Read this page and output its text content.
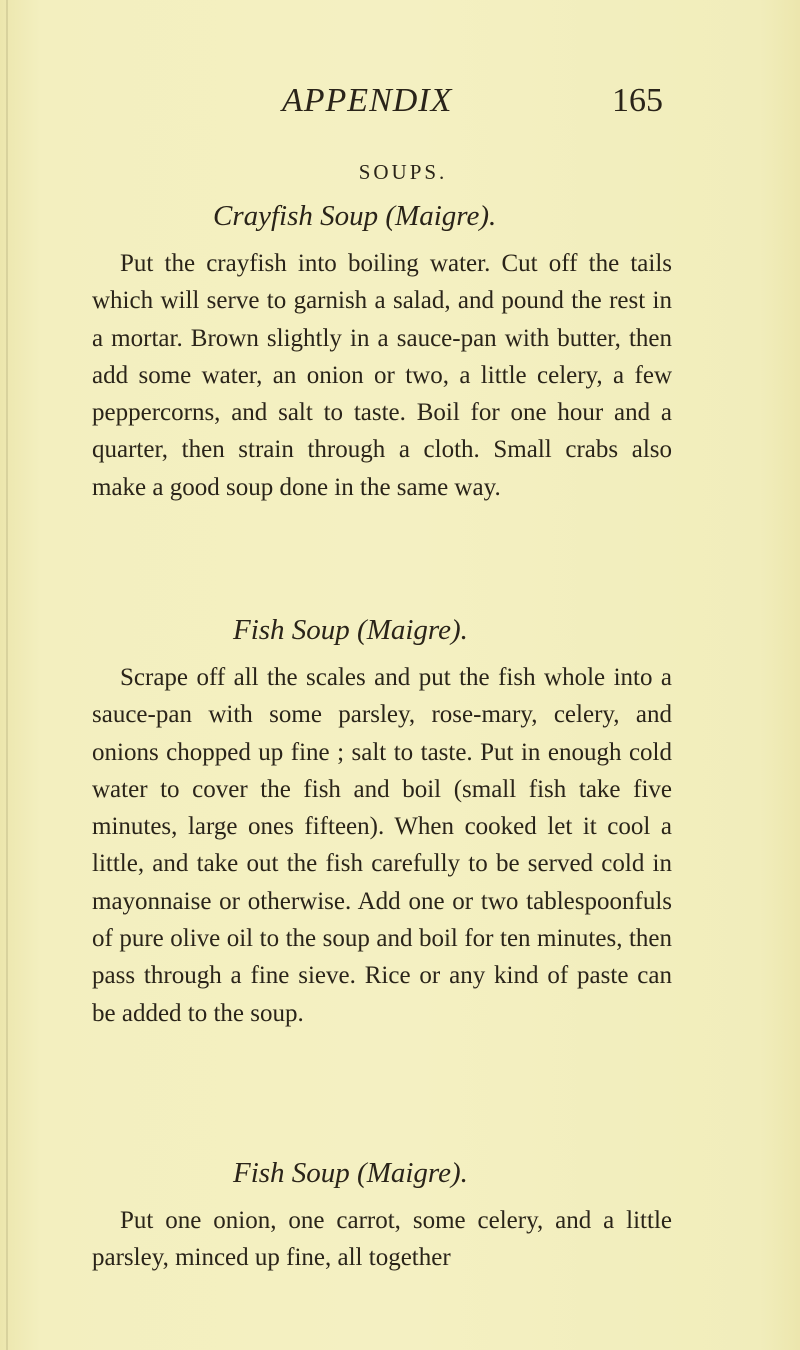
APPENDIX	165
SOUPS.
Crayfish Soup (Maigre).

Put the crayfish into boiling water. Cut off the tails which will serve to garnish a salad, and pound the rest in a mortar. Brown slightly in a sauce-pan with butter, then add some water, an onion or two, a little celery, a few peppercorns, and salt to taste. Boil for one hour and a quarter, then strain through a cloth. Small crabs also make a good soup done in the same way.

Fish Soup (Maigre).

Scrape off all the scales and put the fish whole into a sauce-pan with some parsley, rose-mary, celery, and onions chopped up fine ; salt to taste. Put in enough cold water to cover the fish and boil (small fish take five minutes, large ones fifteen). When cooked let it cool a little, and take out the fish carefully to be served cold in mayonnaise or otherwise. Add one or two tablespoonfuls of pure olive oil to the soup and boil for ten minutes, then pass through a fine sieve. Rice or any kind of paste can be added to the soup.

Fish Soup (Maigre).

Put one onion, one carrot, some celery, and a little parsley, minced up fine, all together
